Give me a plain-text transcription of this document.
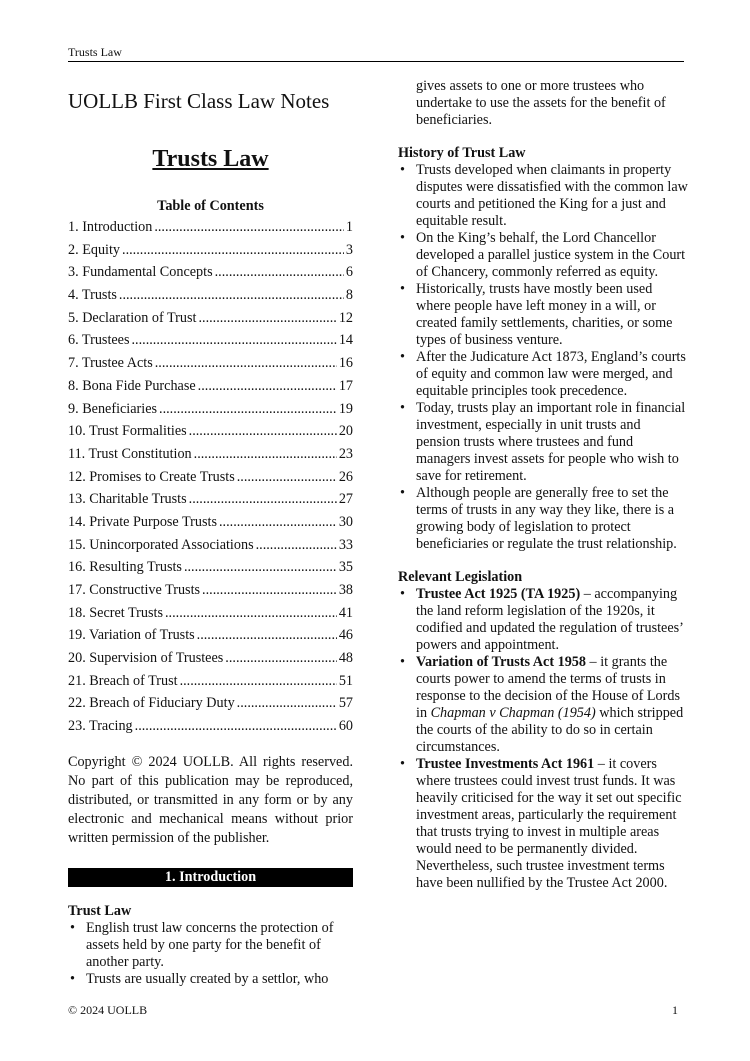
Trusts Law
UOLLB First Class Law Notes
Trusts Law
Table of Contents
1. Introduction .....	1
2. Equity .....	3
3. Fundamental Concepts .....	6
4. Trusts .....	8
5. Declaration of Trust .....	12
6. Trustees .....	14
7. Trustee Acts .....	16
8. Bona Fide Purchase .....	17
9. Beneficiaries .....	19
10. Trust Formalities .....	20
11. Trust Constitution .....	23
12. Promises to Create Trusts .....	26
13. Charitable Trusts .....	27
14. Private Purpose Trusts .....	30
15. Unincorporated Associations .....	33
16. Resulting Trusts .....	35
17. Constructive Trusts .....	38
18. Secret Trusts .....	41
19. Variation of Trusts .....	46
20. Supervision of Trustees .....	48
21. Breach of Trust .....	51
22. Breach of Fiduciary Duty .....	57
23. Tracing .....	60
Copyright © 2024 UOLLB. All rights reserved. No part of this publication may be reproduced, distributed, or transmitted in any form or by any electronic and mechanical means without prior written permission of the publisher.
1. Introduction
Trust Law
• English trust law concerns the protection of assets held by one party for the benefit of another party.
• Trusts are usually created by a settlor, who
gives assets to one or more trustees who undertake to use the assets for the benefit of beneficiaries.
History of Trust Law
• Trusts developed when claimants in property disputes were dissatisfied with the common law courts and petitioned the King for a just and equitable result.
• On the King’s behalf, the Lord Chancellor developed a parallel justice system in the Court of Chancery, commonly referred as equity.
• Historically, trusts have mostly been used where people have left money in a will, or created family settlements, charities, or some types of business venture.
• After the Judicature Act 1873, England’s courts of equity and common law were merged, and equitable principles took precedence.
• Today, trusts play an important role in financial investment, especially in unit trusts and pension trusts where trustees and fund managers invest assets for people who wish to save for retirement.
• Although people are generally free to set the terms of trusts in any way they like, there is a growing body of legislation to protect beneficiaries or regulate the trust relationship.
Relevant Legislation
• Trustee Act 1925 (TA 1925) – accompanying the land reform legislation of the 1920s, it codified and updated the regulation of trustees’ powers and appointment.
• Variation of Trusts Act 1958 – it grants the courts power to amend the terms of trusts in response to the decision of the House of Lords in Chapman v Chapman (1954) which stripped the courts of the ability to do so in certain circumstances.
• Trustee Investments Act 1961 – it covers where trustees could invest trust funds. It was heavily criticised for the way it set out specific investment areas, particularly the requirement that trusts trying to invest in multiple areas would need to be permanently divided. Nevertheless, such trustee investment terms have been nullified by the Trustee Act 2000.
© 2024 UOLLB	1
